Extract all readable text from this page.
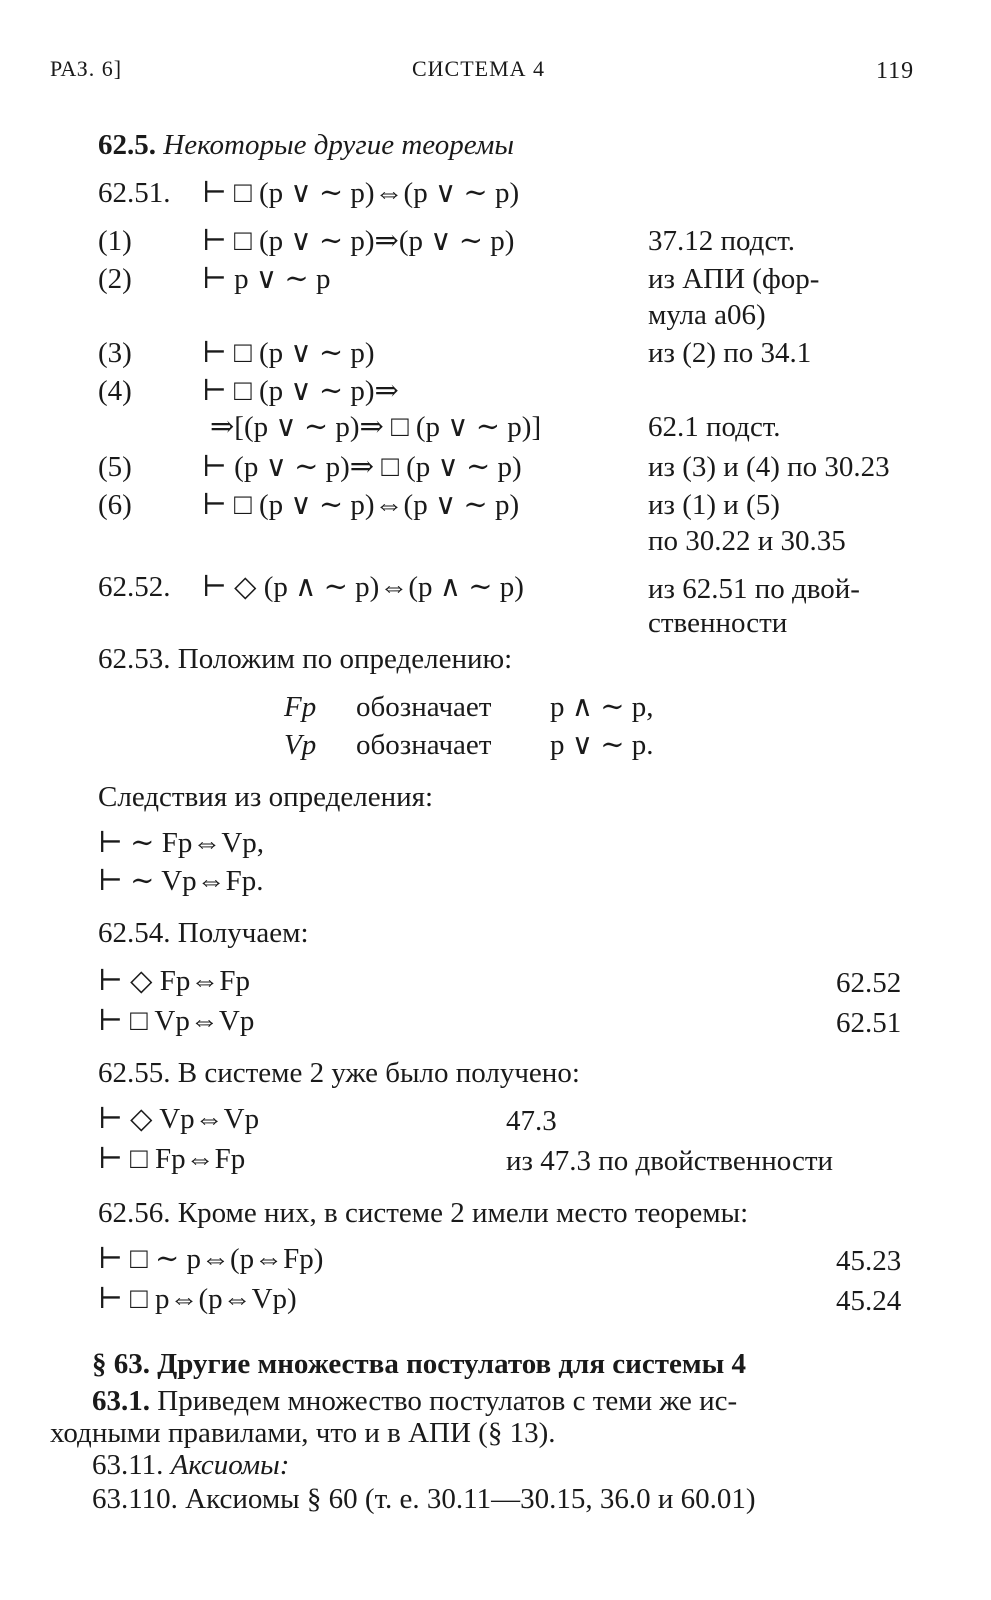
РАЗ. 6]	СИСТЕМА 4	119
62.5. Некоторые другие теоремы
62.51. ⊢ □ (p ∨ ∼ p)⇔(p ∨ ∼ p)
(1) ⊢ □ (p ∨ ∼ p)⇒(p ∨ ∼ p)	37.12 подст.
(2) ⊢ p ∨ ∼ p	из АПИ (фор-
мула a06)
(3) ⊢ □ (p ∨ ∼ p)	из (2) по 34.1
(4) ⊢ □ (p ∨ ∼ p)⇒
⇒[(p ∨ ∼ p)⇒ □ (p ∨ ∼ p)]	62.1 подст.
(5) ⊢ (p ∨ ∼ p)⇒ □ (p ∨ ∼ p)	из (3) и (4) по 30.23
(6) ⊢ □ (p ∨ ∼ p)⇔(p ∨ ∼ p)	из (1) и (5)
по 30.22 и 30.35
62.52. ⊢ ◇ (p ∧ ∼ p)⇔(p ∧ ∼ p)	из 62.51 по двой-
ственности
62.53. Положим по определению:
Fp обозначает p ∧ ∼ p,
Vp обозначает p ∨ ∼ p.
Следствия из определения:
⊢ ∼ Fp⇔Vp,
⊢ ∼ Vp⇔Fp.
62.54. Получаем:
⊢ ◇ Fp⇔Fp	62.52
⊢ □ Vp⇔Vp	62.51
62.55. В системе 2 уже было получено:
⊢ ◇ Vp⇔Vp	47.3
⊢ □ Fp⇔Fp	из 47.3 по двойственности
62.56. Кроме них, в системе 2 имели место теоремы:
⊢ □ ∼ p⇔(p⇔Fp)	45.23
⊢ □ p⇔(p⇔Vp)	45.24
§ 63. Другие множества постулатов для системы 4
63.1. Приведем множество постулатов с теми же ис-
ходными правилами, что и в АПИ (§ 13).
63.11. Аксиомы:
63.110. Аксиомы § 60 (т. е. 30.11—30.15, 36.0 и 60.01)
